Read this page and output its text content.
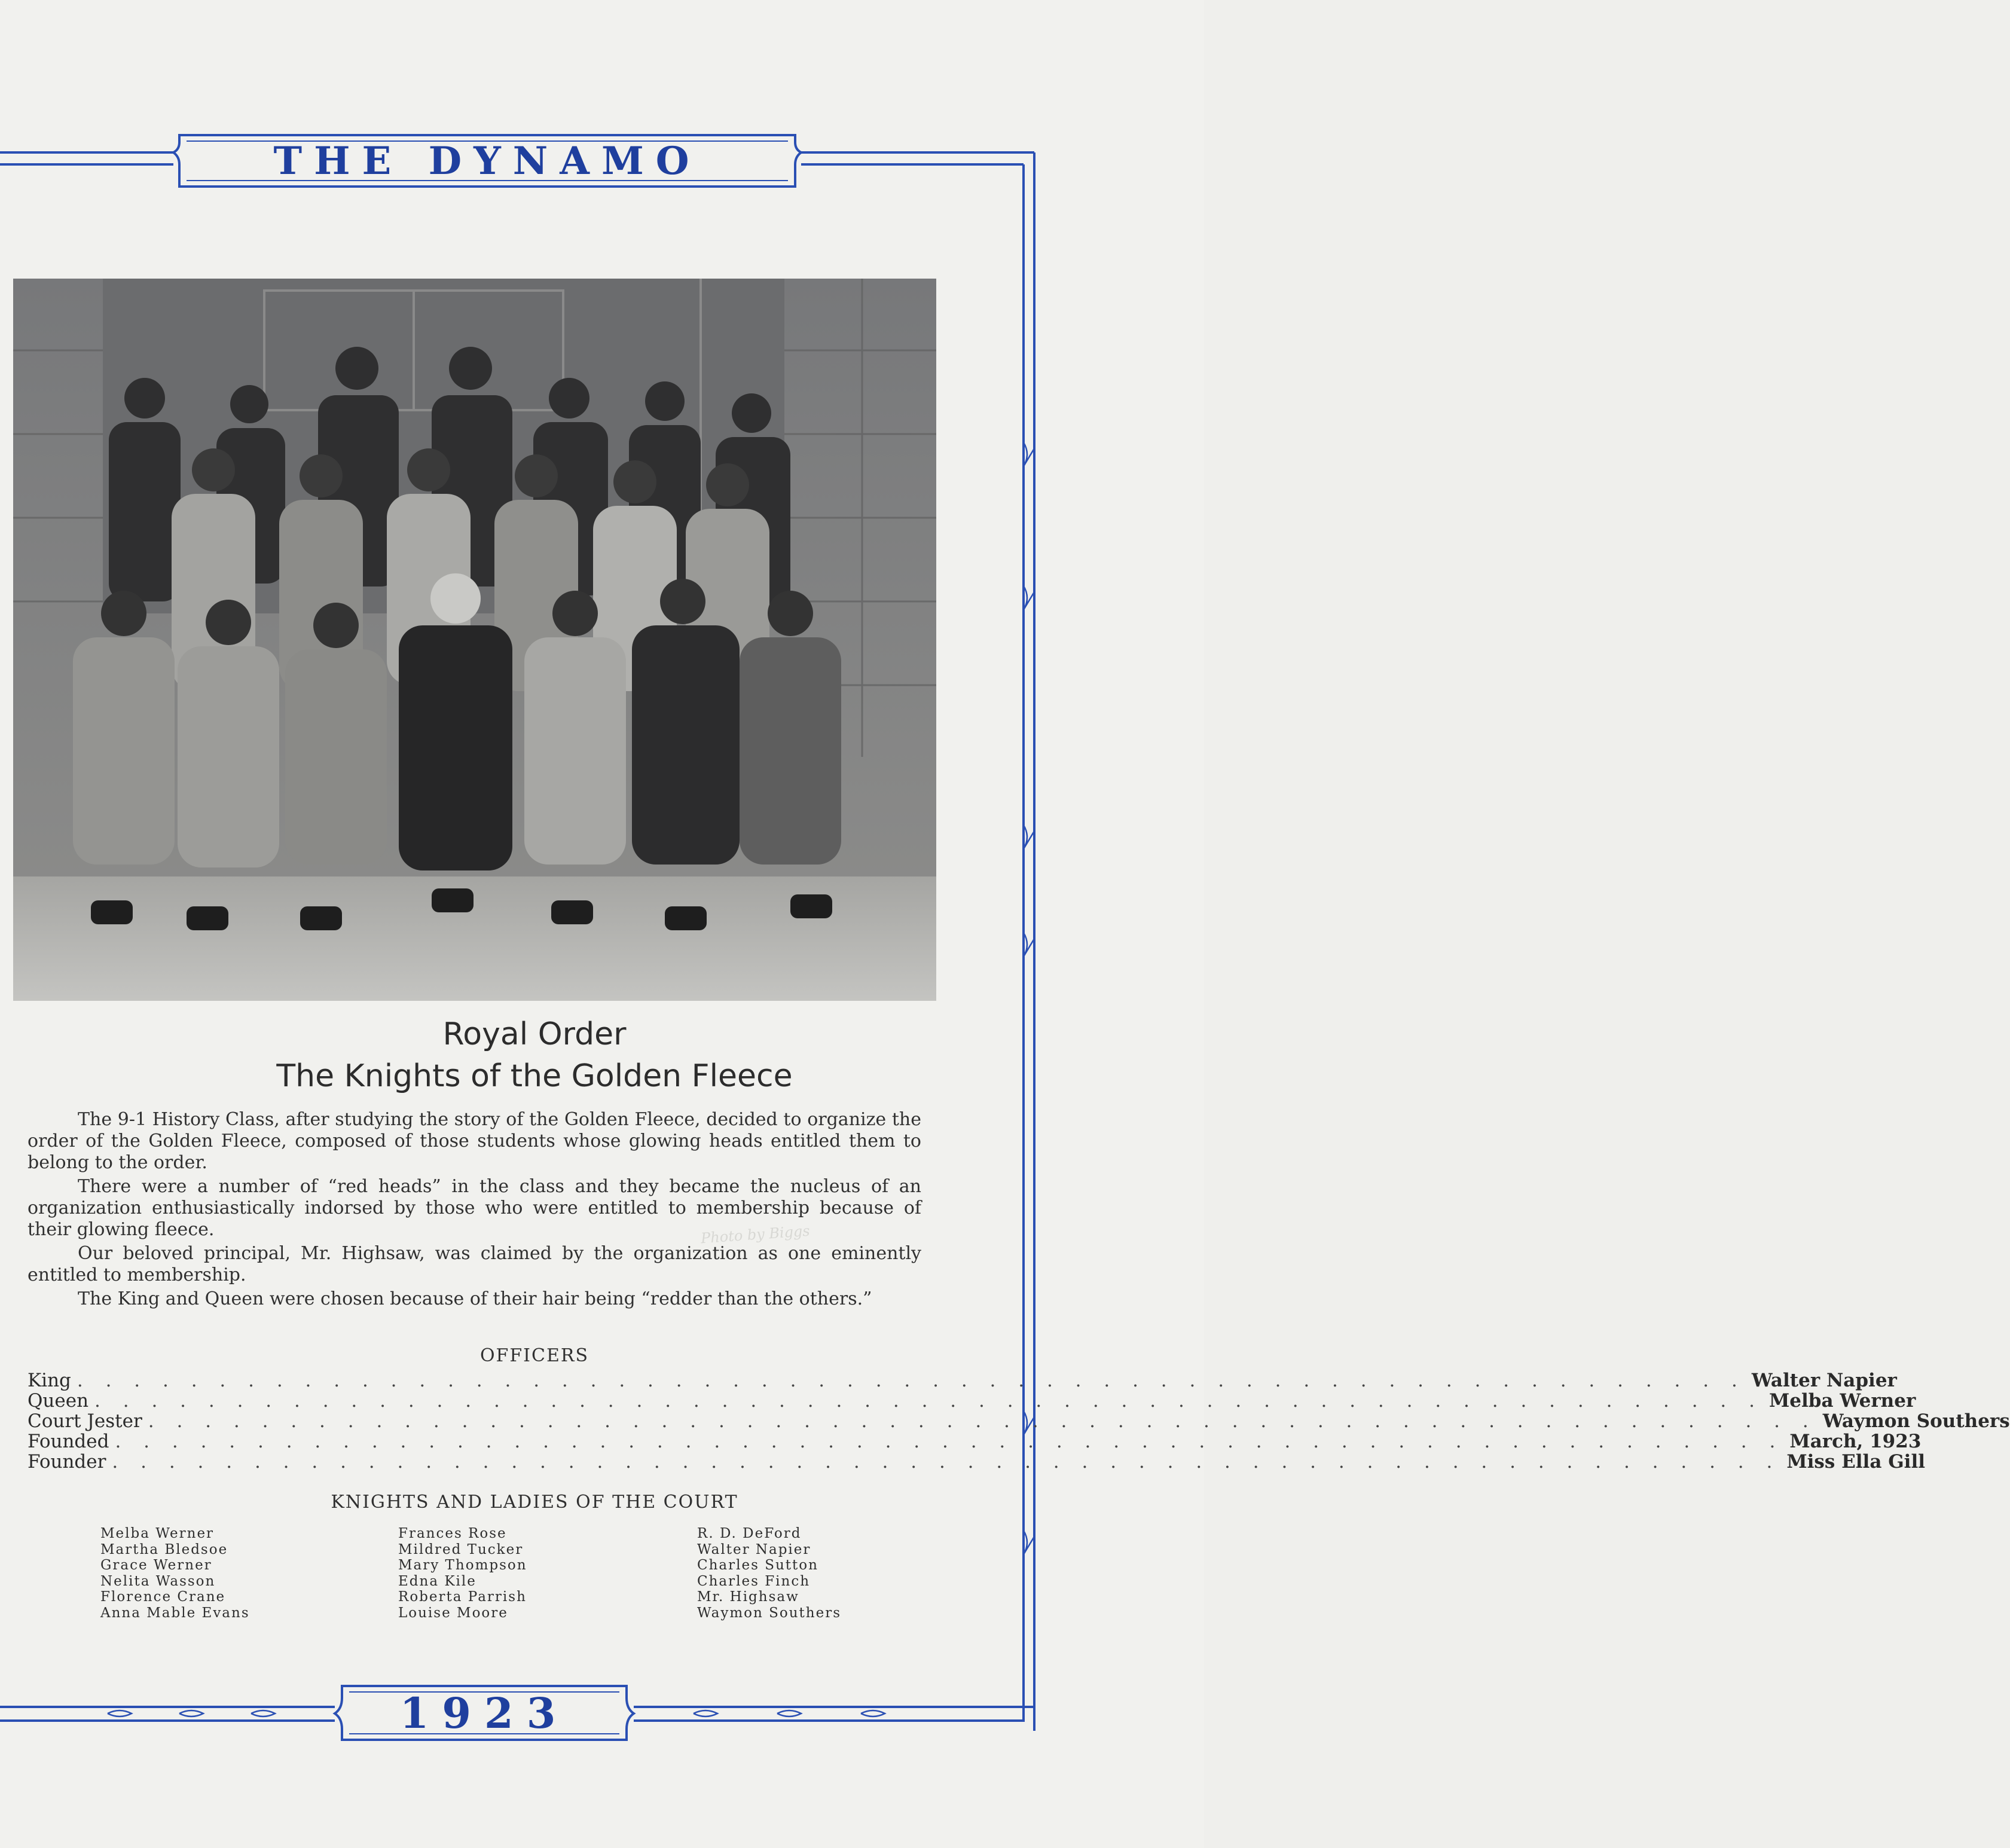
THE DYNAMO
Photo by Biggs
Royal Order
The Knights of the Golden Fleece

The 9-1 History Class, after studying the story of the Golden Fleece, decided to organize the order of the Golden Fleece, composed of those students whose glowing heads entitled them to belong to the order.

There were a number of “red heads” in the class and they became the nucleus of an organization enthusiastically indorsed by those who were entitled to membership because of their glowing fleece.

Our beloved principal, Mr. Highsaw, was claimed by the organization as one eminently entitled to membership.

The King and Queen were chosen because of their hair being “redder than the others.”

OFFICERS
King . . .	Walter Napier
Queen . . .	Melba Werner
Court Jester . . .	Waymon Southers
Founded . . .	March, 1923
Founder . . .	Miss Ella Gill
KNIGHTS AND LADIES OF THE COURT
Melba Werner
Martha Bledsoe
Grace Werner
Nelita Wasson
Florence Crane
Anna Mable Evans
Frances Rose
Mildred Tucker
Mary Thompson
Edna Kile
Roberta Parrish
Louise Moore
R. D. DeFord
Walter Napier
Charles Sutton
Charles Finch
Mr. Highsaw
Waymon Southers
1923
